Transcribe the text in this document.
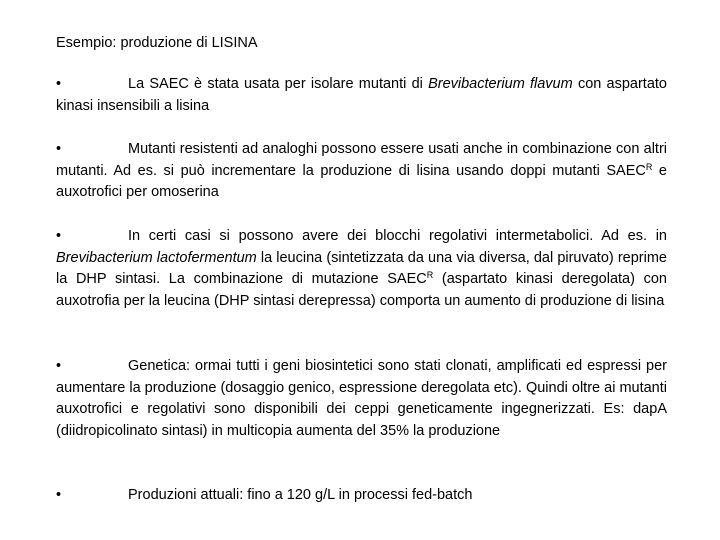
Esempio: produzione di LISINA
•	La SAEC è stata usata per isolare mutanti di Brevibacterium flavum con aspartato kinasi insensibili a lisina
•	Mutanti resistenti ad analoghi possono essere usati anche in combinazione con altri mutanti. Ad es. si può incrementare la produzione di lisina usando doppi mutanti $SAEC^R$ e auxotrofici per omoserina
•	In certi casi si possono avere dei blocchi regolativi intermetabolici. Ad es. in Brevibacterium lactofermentum la leucina (sintetizzata da una via diversa, dal piruvato) reprime la DHP sintasi. La combinazione di mutazione $SAEC^R$ (aspartato kinasi deregolata) con auxotrofia per la leucina (DHP sintasi derepressa) comporta un aumento di produzione di lisina
•	Genetica: ormai tutti i geni biosintetici sono stati clonati, amplificati ed espressi per aumentare la produzione (dosaggio genico, espressione deregolata etc). Quindi oltre ai mutanti auxotrofici e regolativi sono disponibili dei ceppi geneticamente ingegnerizzati. Es: dapA (diidropicolinato sintasi) in multicopia aumenta del 35% la produzione
•	Produzioni attuali: fino a 120 g/L in processi fed-batch
